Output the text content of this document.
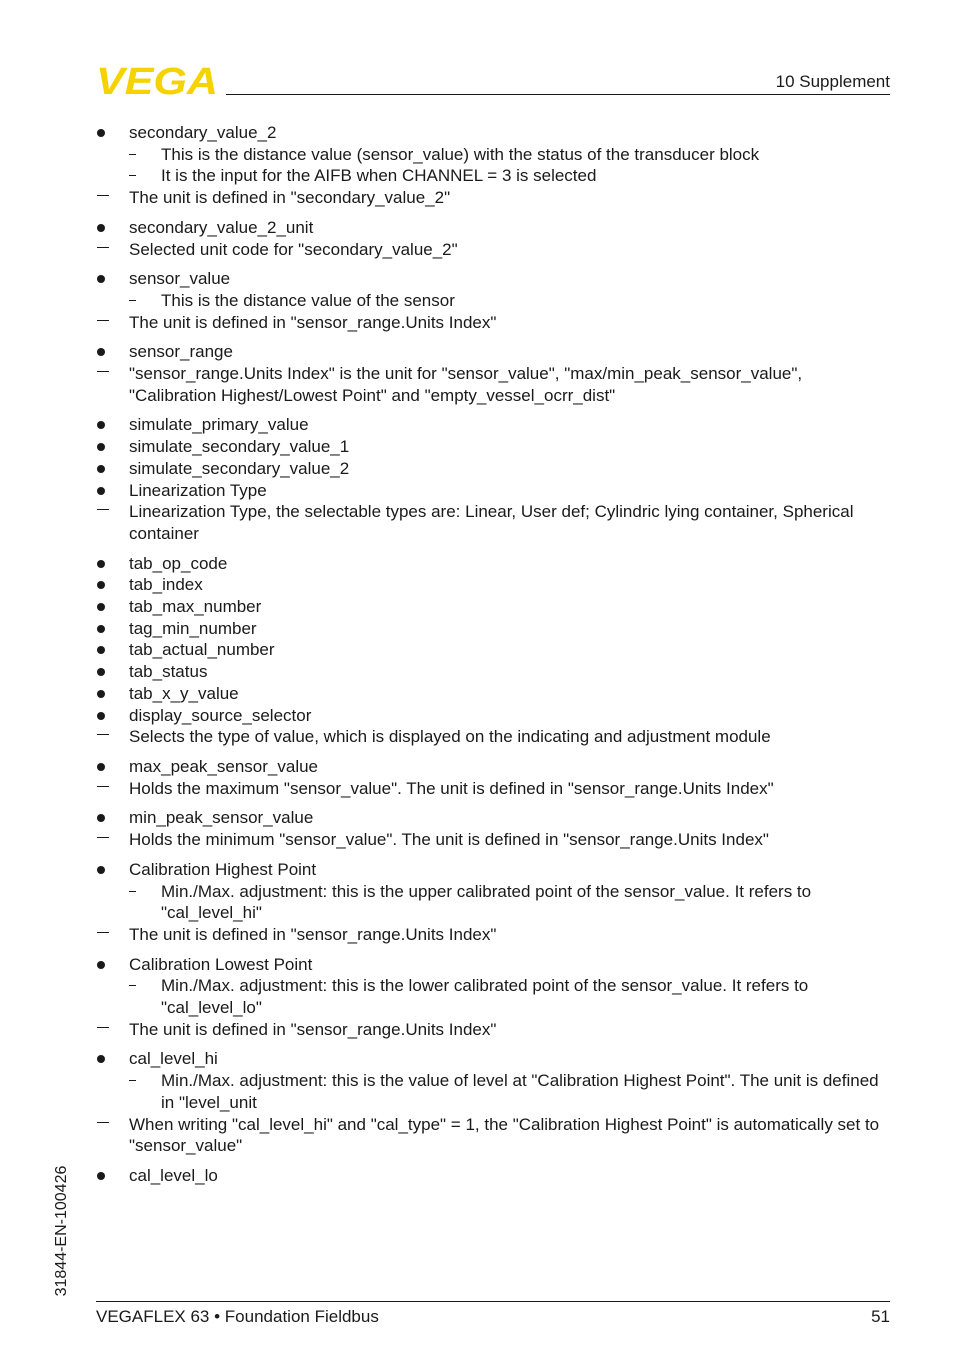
VEGA	10 Supplement
secondary_value_2
This is the distance value (sensor_value) with the status of the transducer block
It is the input for the AIFB when CHANNEL = 3 is selected
The unit is defined in "secondary_value_2"
secondary_value_2_unit
Selected unit code for "secondary_value_2"
sensor_value
This is the distance value of the sensor
The unit is defined in "sensor_range.Units Index"
sensor_range
"sensor_range.Units Index" is the unit for "sensor_value", "max/min_peak_sensor_value", "Calibration Highest/Lowest Point" and "empty_vessel_ocrr_dist"
simulate_primary_value
simulate_secondary_value_1
simulate_secondary_value_2
Linearization Type
Linearization Type, the selectable types are: Linear, User def; Cylindric lying container, Spherical container
tab_op_code
tab_index
tab_max_number
tag_min_number
tab_actual_number
tab_status
tab_x_y_value
display_source_selector
Selects the type of value, which is displayed on the indicating and adjustment module
max_peak_sensor_value
Holds the maximum "sensor_value". The unit is defined in "sensor_range.Units Index"
min_peak_sensor_value
Holds the minimum "sensor_value". The unit is defined in "sensor_range.Units Index"
Calibration Highest Point
Min./Max. adjustment: this is the upper calibrated point of the sensor_value. It refers to "cal_level_hi"
The unit is defined in "sensor_range.Units Index"
Calibration Lowest Point
Min./Max. adjustment: this is the lower calibrated point of the sensor_value. It refers to "cal_level_lo"
The unit is defined in "sensor_range.Units Index"
cal_level_hi
Min./Max. adjustment: this is the value of level at "Calibration Highest Point". The unit is defined in "level_unit
When writing "cal_level_hi" and "cal_type" = 1, the "Calibration Highest Point" is automatically set to "sensor_value"
cal_level_lo
31844-EN-100426
VEGAFLEX 63 • Foundation Fieldbus	51
